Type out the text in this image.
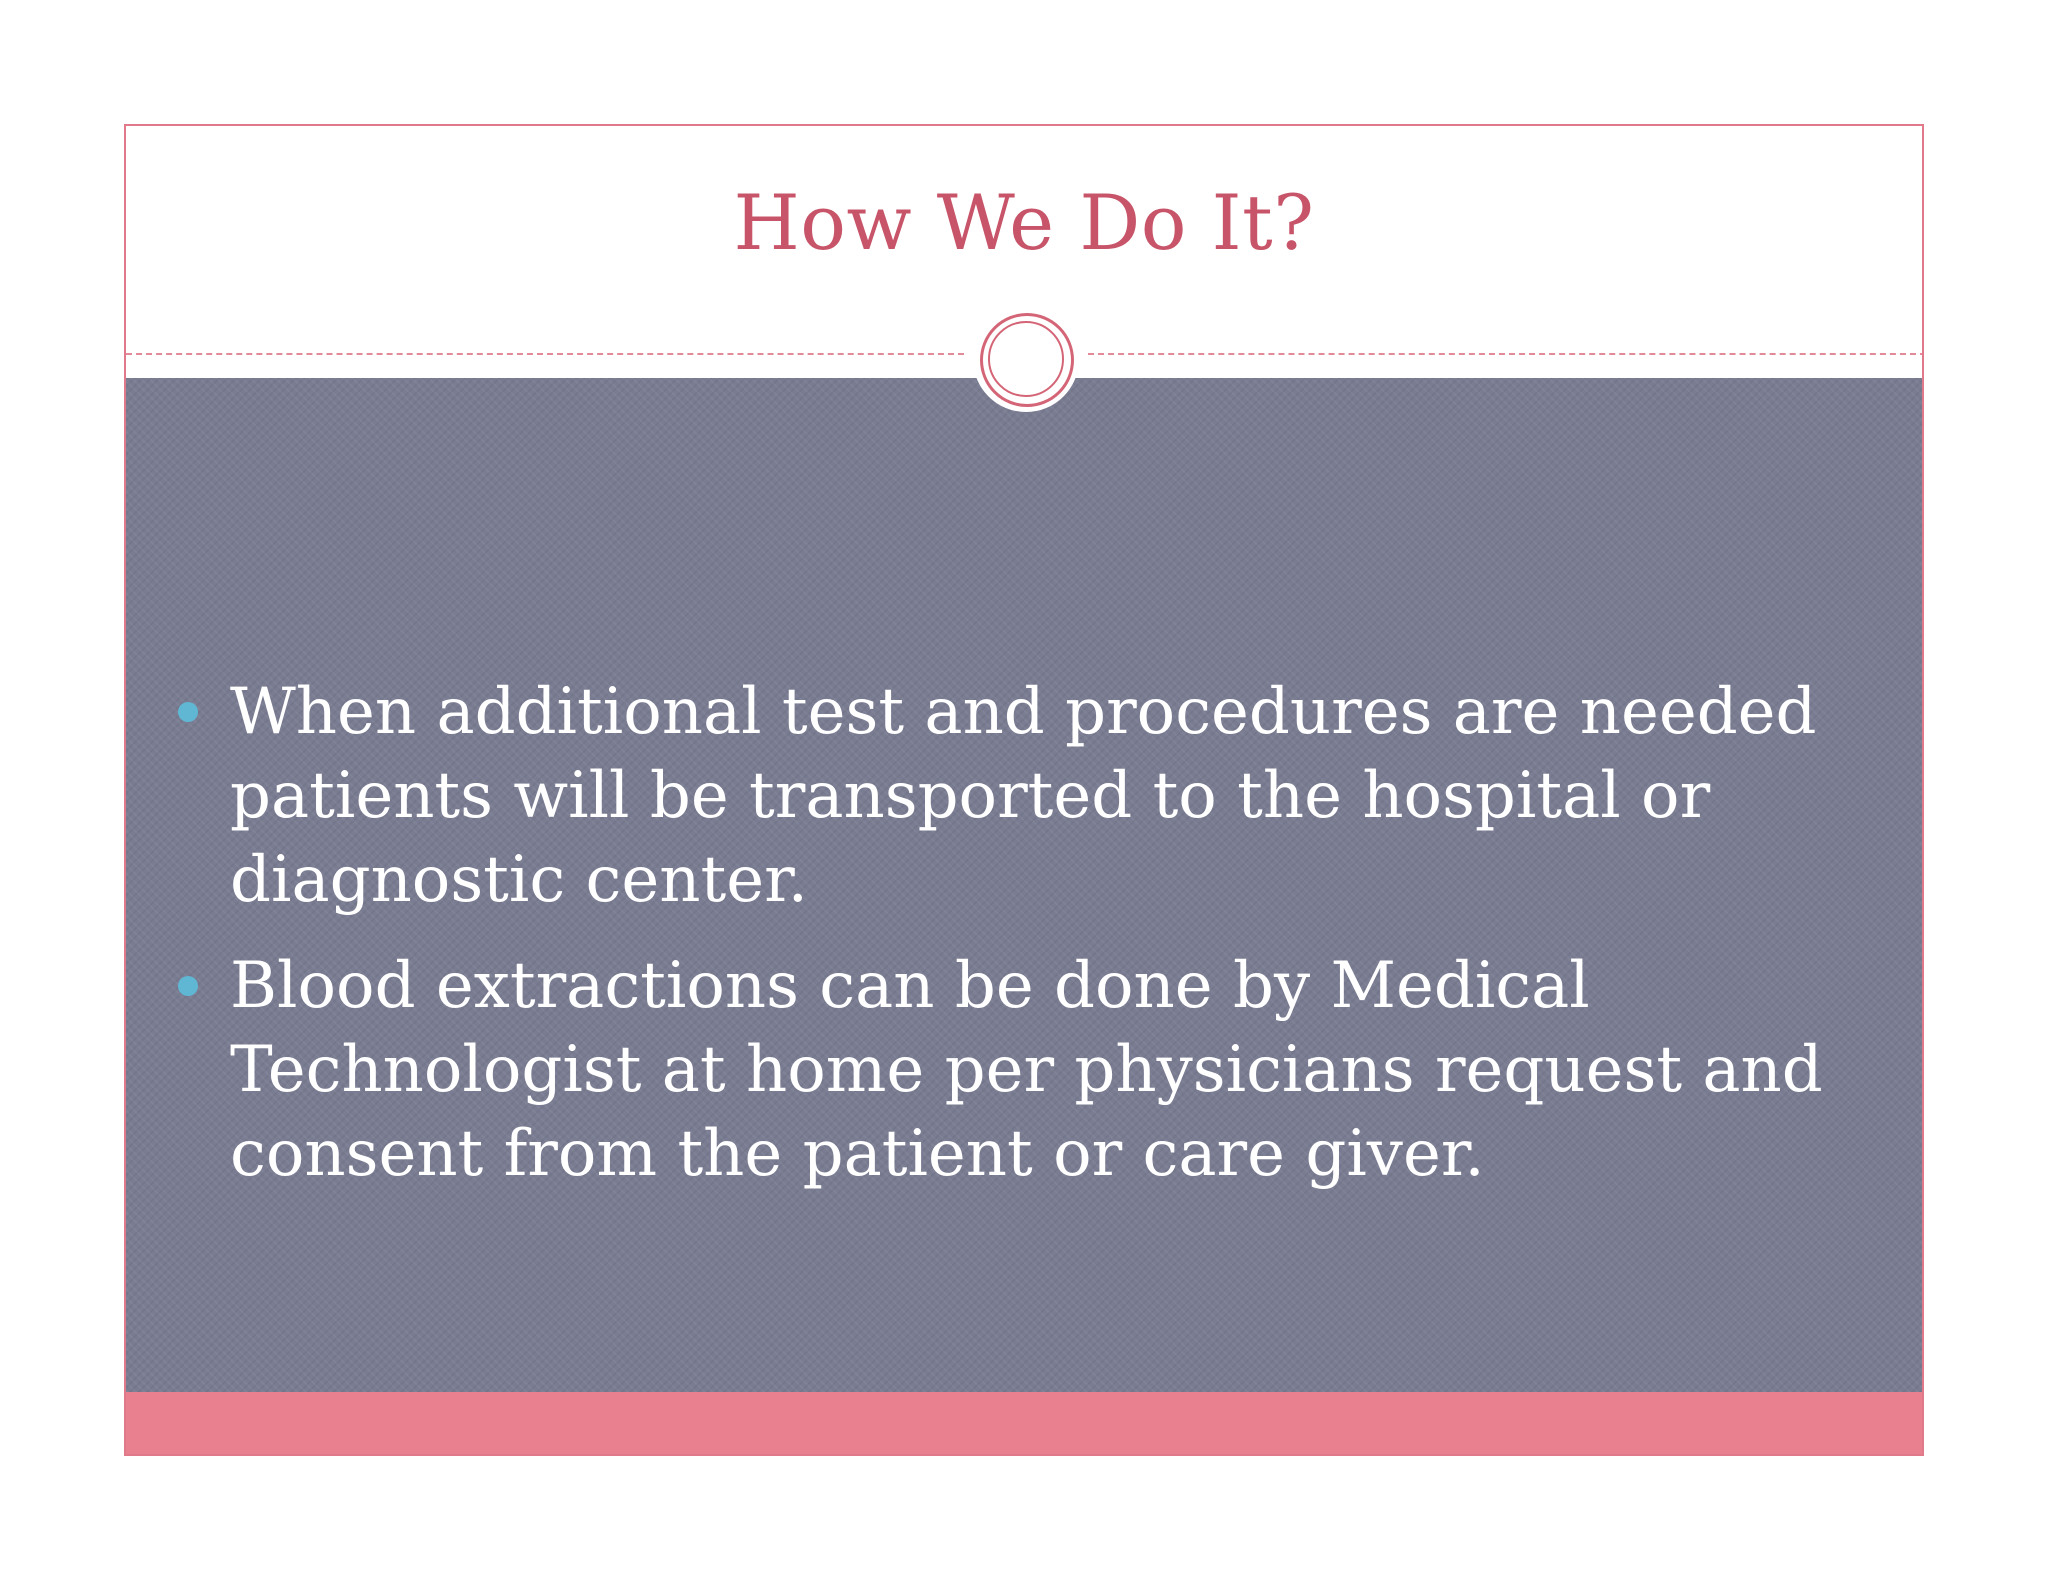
How We Do It?
When additional test and procedures are needed patients will be transported to the hospital or diagnostic center.
Blood extractions can be done by Medical Technologist at home per physicians request and consent from the patient or care giver.
